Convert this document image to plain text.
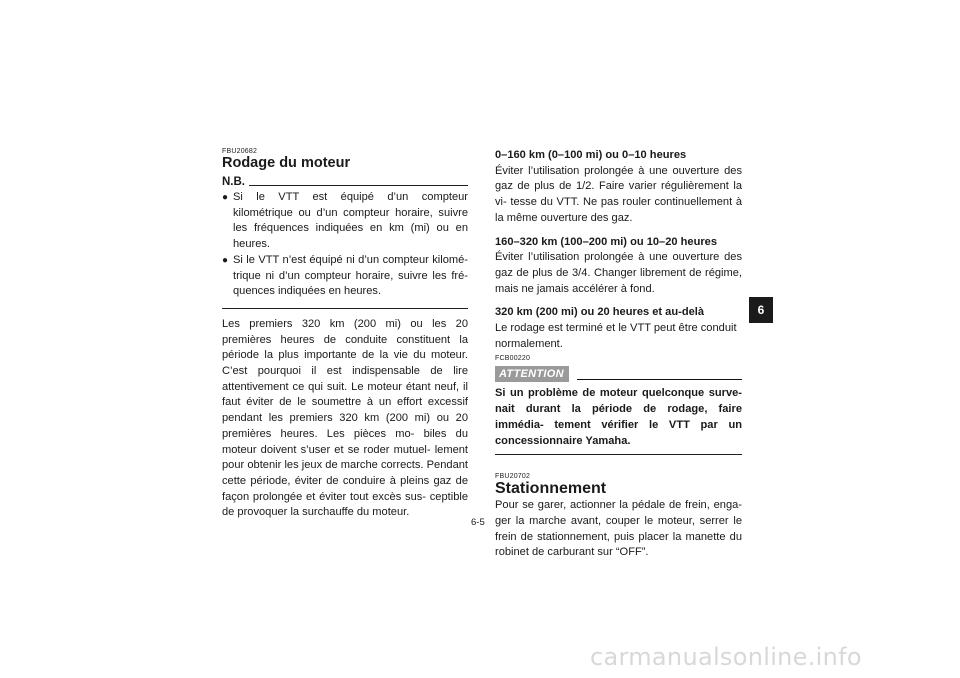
FBU20682
Rodage du moteur
N.B.
● Si le VTT est équipé d’un compteur kilométrique ou d’un compteur horaire, suivre les fréquences indiquées en km (mi) ou en heures.
● Si le VTT n’est équipé ni d’un compteur kilomé- trique ni d’un compteur horaire, suivre les fré- quences indiquées en heures.
Les premiers 320 km (200 mi) ou les 20 premières heures de conduite constituent la période la plus importante de la vie du moteur. C’est pourquoi il est indispensable de lire attentivement ce qui suit. Le moteur étant neuf, il faut éviter de le soumettre à un effort excessif pendant les premiers 320 km (200 mi) ou 20 premières heures. Les pièces mo- biles du moteur doivent s’user et se roder mutuel- lement pour obtenir les jeux de marche corrects. Pendant cette période, éviter de conduire à pleins gaz de façon prolongée et éviter tout excès sus- ceptible de provoquer la surchauffe du moteur.
0–160 km (0–100 mi) ou 0–10 heures
Éviter l’utilisation prolongée à une ouverture des gaz de plus de 1/2. Faire varier régulièrement la vi- tesse du VTT. Ne pas rouler continuellement à la même ouverture des gaz.
160–320 km (100–200 mi) ou 10–20 heures
Éviter l’utilisation prolongée à une ouverture des gaz de plus de 3/4. Changer librement de régime, mais ne jamais accélérer à fond.
320 km (200 mi) ou 20 heures et au-delà
Le rodage est terminé et le VTT peut être conduit normalement.
FCB00220
ATTENTION
Si un problème de moteur quelconque surve- nait durant la période de rodage, faire immédia- tement vérifier le VTT par un concessionnaire Yamaha.
FBU20702
Stationnement
Pour se garer, actionner la pédale de frein, enga- ger la marche avant, couper le moteur, serrer le frein de stationnement, puis placer la manette du robinet de carburant sur “OFF”.
6
6-5
carmanualsonline.info
